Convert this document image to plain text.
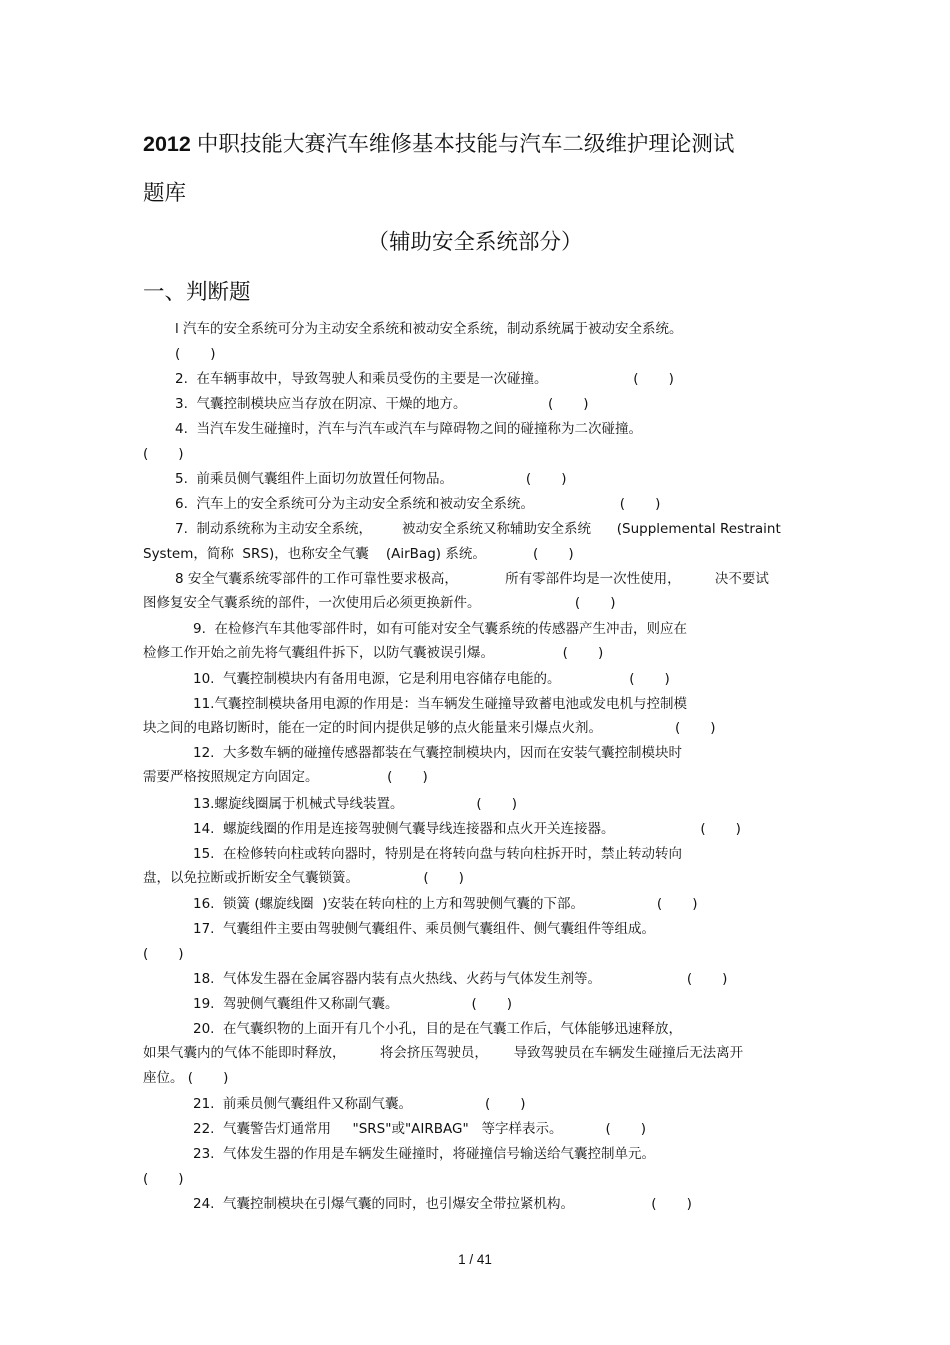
2012 中职技能大赛汽车维修基本技能与汽车二级维护理论测试
题库
（辅助安全系统部分）
一、判断题
l 汽车的安全系统可分为主动安全系统和被动安全系统，制动系统属于被动安全系统。
(       )
2.  在车辆事故中，导致驾驶人和乘员受伤的主要是一次碰撞。                    (       )
3.  气囊控制模块应当存放在阴凉、干燥的地方。                   (       )
4.  当汽车发生碰撞时，汽车与汽车或汽车与障碍物之间的碰撞称为二次碰撞。
(       )
5.  前乘员侧气囊组件上面切勿放置任何物品。                 (       )
6.  汽车上的安全系统可分为主动安全系统和被动安全系统。                    (       )
7.  制动系统称为主动安全系统，       被动安全系统又称辅助安全系统      (Supplemental Restraint
System，简称  SRS)，也称安全气囊    (AirBag) 系统。           (       )
8 安全气囊系统零部件的工作可靠性要求极高，           所有零部件均是一次性使用，        决不要试
图修复安全气囊系统的部件，一次使用后必须更换新件。                      (       )
9.  在检修汽车其他零部件时，如有可能对安全气囊系统的传感器产生冲击，则应在
检修工作开始之前先将气囊组件拆下，以防气囊被误引爆。                (       )
10.  气囊控制模块内有备用电源，它是利用电容储存电能的。                (       )
11.气囊控制模块备用电源的作用是：当车辆发生碰撞导致蓄电池或发电机与控制模
块之间的电路切断时，能在一定的时间内提供足够的点火能量来引爆点火剂。                 (       )
12.  大多数车辆的碰撞传感器都装在气囊控制模块内，因而在安装气囊控制模块时
需要严格按照规定方向固定。                (       )
13.螺旋线圈属于机械式导线装置。                 (       )
14.  螺旋线圈的作用是连接驾驶侧气囊导线连接器和点火开关连接器。                    (       )
15.  在检修转向柱或转向器时，特别是在将转向盘与转向柱拆开时，禁止转动转向
盘，以免拉断或折断安全气囊锁簧。               (       )
16.  锁簧 (螺旋线圈  )安装在转向柱的上方和驾驶侧气囊的下部。                 (       )
17.  气囊组件主要由驾驶侧气囊组件、乘员侧气囊组件、侧气囊组件等组成。
(       )
18.  气体发生器在金属容器内装有点火热线、火药与气体发生剂等。                    (       )
19.  驾驶侧气囊组件又称副气囊。                 (       )
20.  在气囊织物的上面开有几个小孔，目的是在气囊工作后，气体能够迅速释放，
如果气囊内的气体不能即时释放，        将会挤压驾驶员，      导致驾驶员在车辆发生碰撞后无法离开
座位。 (       )
21.  前乘员侧气囊组件又称副气囊。                 (       )
22.  气囊警告灯通常用     "SRS"或"AIRBAG"   等字样表示。          (       )
23.  气体发生器的作用是车辆发生碰撞时，将碰撞信号输送给气囊控制单元。
(       )
24.  气囊控制模块在引爆气囊的同时，也引爆安全带拉紧机构。                  (       )
1 / 41
